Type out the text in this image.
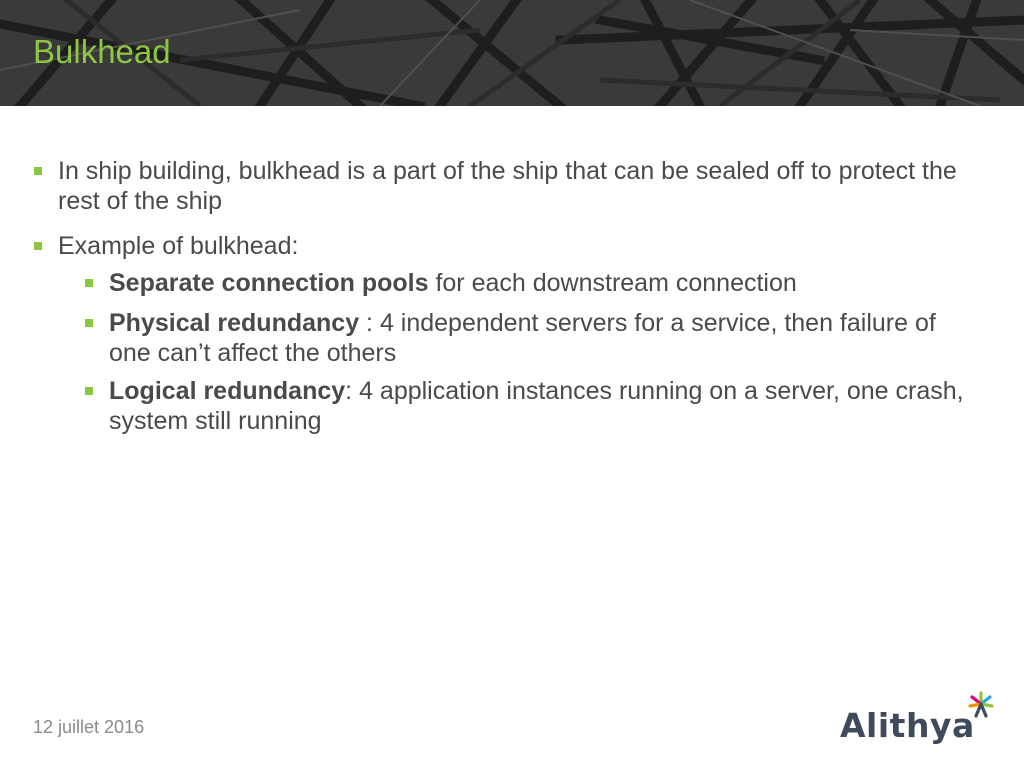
Bulkhead
In ship building, bulkhead is a part of the ship that can be sealed off to protect the rest of the ship
Example of bulkhead:
Separate connection pools for each downstream connection
Physical redundancy : 4 independent servers for a service, then failure of one can’t affect the others
Logical redundancy: 4 application instances running on a server, one crash, system still running
12 juillet 2016	Alithya
